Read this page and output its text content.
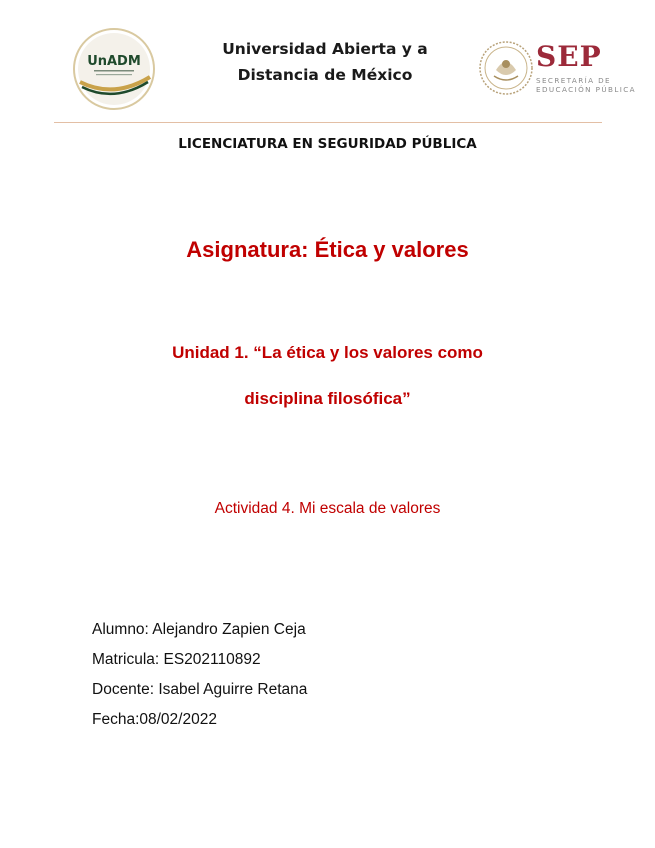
UnADM
Universidad Abierta y a
Distancia de México
SEP
SECRETARÍA DE
EDUCACIÓN PÚBLICA
LICENCIATURA EN SEGURIDAD PÚBLICA
Asignatura: Ética y valores
Unidad 1. “La ética y los valores como
disciplina filosófica”
Actividad 4. Mi escala de valores
Alumno: Alejandro Zapien Ceja
Matricula: ES202110892
Docente: Isabel Aguirre Retana
Fecha:08/02/2022
